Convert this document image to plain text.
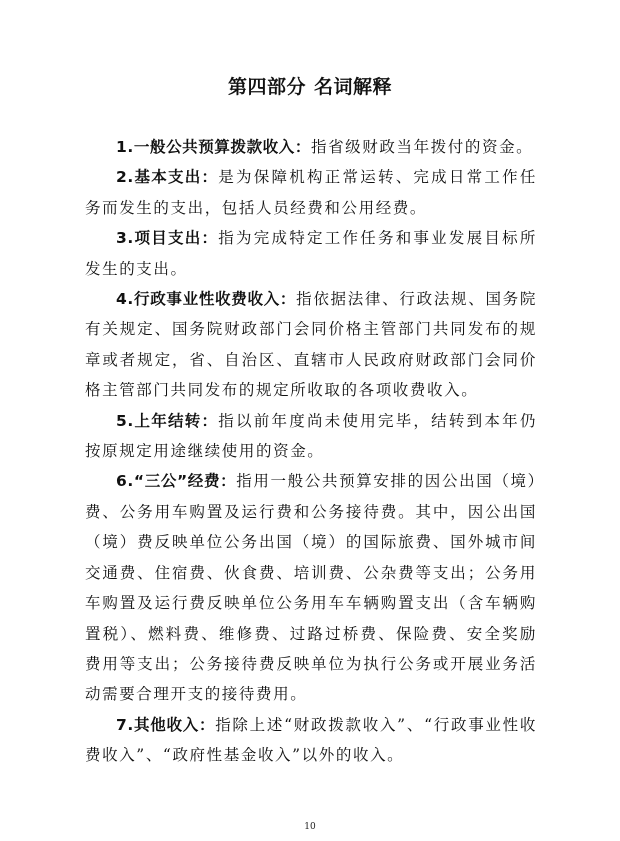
第四部分 名词解释

1.一般公共预算拨款收入：指省级财政当年拨付的资金。

2.基本支出：是为保障机构正常运转、完成日常工作任务而发生的支出，包括人员经费和公用经费。

3.项目支出：指为完成特定工作任务和事业发展目标所发生的支出。

4.行政事业性收费收入：指依据法律、行政法规、国务院有关规定、国务院财政部门会同价格主管部门共同发布的规章或者规定，省、自治区、直辖市人民政府财政部门会同价格主管部门共同发布的规定所收取的各项收费收入。

5.上年结转：指以前年度尚未使用完毕，结转到本年仍按原规定用途继续使用的资金。

6.“三公”经费：指用一般公共预算安排的因公出国（境）费、公务用车购置及运行费和公务接待费。其中，因公出国（境）费反映单位公务出国（境）的国际旅费、国外城市间交通费、住宿费、伙食费、培训费、公杂费等支出；公务用车购置及运行费反映单位公务用车车辆购置支出（含车辆购置税）、燃料费、维修费、过路过桥费、保险费、安全奖励费用等支出；公务接待费反映单位为执行公务或开展业务活动需要合理开支的接待费用。

7.其他收入：指除上述“财政拨款收入”、“行政事业性收费收入”、“政府性基金收入”以外的收入。

10
